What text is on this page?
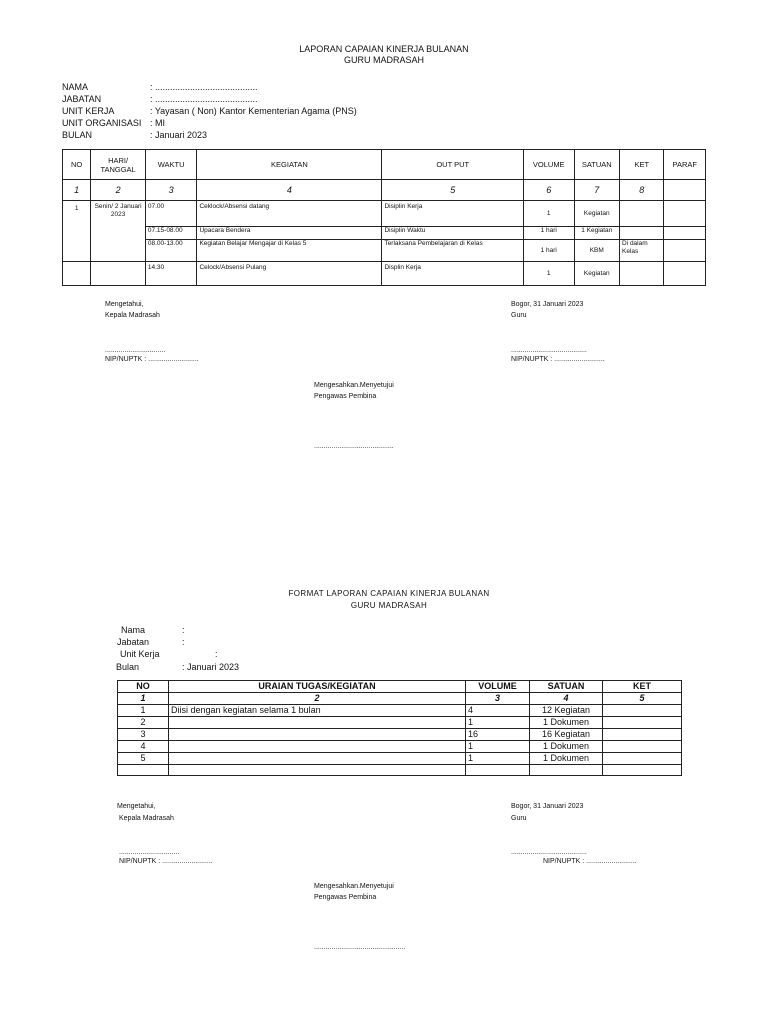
LAPORAN CAPAIAN KINERJA BULANAN
GURU MADRASAH
NAMA	: .........................................
JABATAN	: .........................................
UNIT KERJA	: Yayasan ( Non) Kantor Kementerian Agama (PNS)
UNIT ORGANISASI : MI
BULAN	: Januari 2023
NO	HARI/ TANGGAL	WAKTU	KEGIATAN	OUT PUT	VOLUME	SATUAN	KET	PARAF
1	2	3	4	5	6	7	8	
1	Senin/ 2 Januari 2023	07.00	Ceklock/Absensi datang	Disiplin Kerja	1	Kegiatan		
		07.15-08.00	Upacara Bendera	Disiplin Waktu	1 hari	1 Kegiatan		
		08.00-13.00	Kegiatan Belajar Mengajar di Kelas 5	Terlaksana Pembelajaran di Kelas	1 hari	KBM	Di dalam Kelas	
		14.30	Celock/Absensi Pulang	Displin Kerja	1	Kegiatan		
Mengetahui,
Kepala Madrasah
...............................
NIP/NUPTK : ..........................
Bogor, 31 Januari 2023
Guru
.......................................
NIP/NUPTK : ..........................
Mengesahkan.Menyetujui
Pengawas Pembina
.........................................
FORMAT LAPORAN CAPAIAN KINERJA BULANAN
GURU MADRASAH
Nama	:
Jabatan	:
Unit Kerja	:
Bulan	: Januari 2023
NO	URAIAN TUGAS/KEGIATAN	VOLUME	SATUAN	KET
1	2	3	4	5
1	Diisi dengan kegiatan selama 1 bulan	4	12 Kegiatan	
2		1	1 Dokumen	
3		16	16 Kegiatan	
4		1	1 Dokumen	
5		1	1 Dokumen	

Mengetahui,
Kepala Madrasah
...............................
NIP/NUPTK : ..........................
Bogor, 31 Januari 2023
Guru
.......................................
NIP/NUPTK : ..........................
Mengesahkan.Menyetujui
Pengawas Pembina
...............................................
